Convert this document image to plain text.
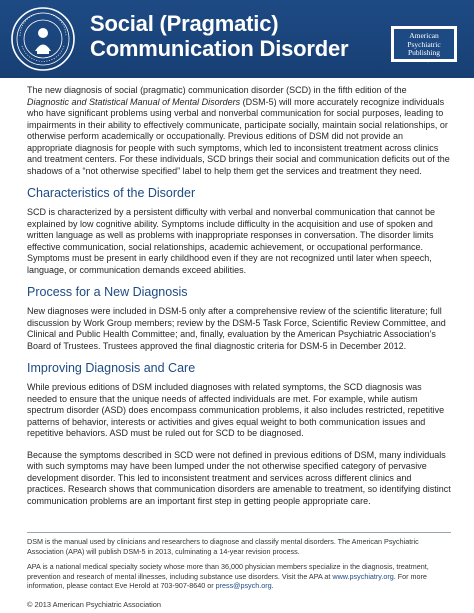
Social (Pragmatic)
Communication Disorder
American
Psychiatric
Publishing
A Division of American Psychiatric Association

The new diagnosis of social (pragmatic) communication disorder (SCD) in the fifth edition of the Diagnostic and Statistical Manual of Mental Disorders (DSM-5) will more accurately recognize individuals who have significant problems using verbal and nonverbal communication for social purposes, leading to impairments in their ability to effectively communicate, participate socially, maintain social relationships, or otherwise perform academically or occupationally. Previous editions of DSM did not provide an appropriate diagnosis for people with such symptoms, which led to inconsistent treatment across clinics and treatment centers. For these individuals, SCD brings their social and communication deficits out of the shadows of a “not otherwise specified” label to help them get the services and treatment they need.

Characteristics of the Disorder

SCD is characterized by a persistent difficulty with verbal and nonverbal communication that cannot be explained by low cognitive ability. Symptoms include difficulty in the acquisition and use of spoken and written language as well as problems with inappropriate responses in conversation. The disorder limits effective communication, social relationships, academic achievement, or occupational performance. Symptoms must be present in early childhood even if they are not recognized until later when speech, language, or communication demands exceed abilities.

Process for a New Diagnosis

New diagnoses were included in DSM-5 only after a comprehensive review of the scientific literature; full discussion by Work Group members; review by the DSM-5 Task Force, Scientific Review Committee, and Clinical and Public Health Committee; and, finally, evaluation by the American Psychiatric Association’s Board of Trustees. Trustees approved the final diagnostic criteria for DSM-5 in December 2012.

Improving Diagnosis and Care

While previous editions of DSM included diagnoses with related symptoms, the SCD diagnosis was needed to ensure that the unique needs of affected individuals are met. For example, while autism spectrum disorder (ASD) does encompass communication problems, it also includes restricted, repetitive patterns of behavior, interests or activities and gives equal weight to both communication issues and repetitive behaviors. ASD must be ruled out for SCD to be diagnosed.

Because the symptoms described in SCD were not defined in previous editions of DSM, many individuals with such symptoms may have been lumped under the not otherwise specified category of pervasive development disorder. This led to inconsistent treatment and services across different clinics and practices. Research shows that communication disorders are amenable to treatment, so identifying distinct communication problems are an important first step in getting people appropriate care.

DSM is the manual used by clinicians and researchers to diagnose and classify mental disorders. The American Psychiatric Association (APA) will publish DSM-5 in 2013, culminating a 14-year revision process.

APA is a national medical specialty society whose more than 36,000 physician members specialize in the diagnosis, treatment, prevention and research of mental illnesses, including substance use disorders. Visit the APA at www.psychiatry.org. For more information, please contact Eve Herold at 703-907-8640 or press@psych.org.

© 2013 American Psychiatric Association
